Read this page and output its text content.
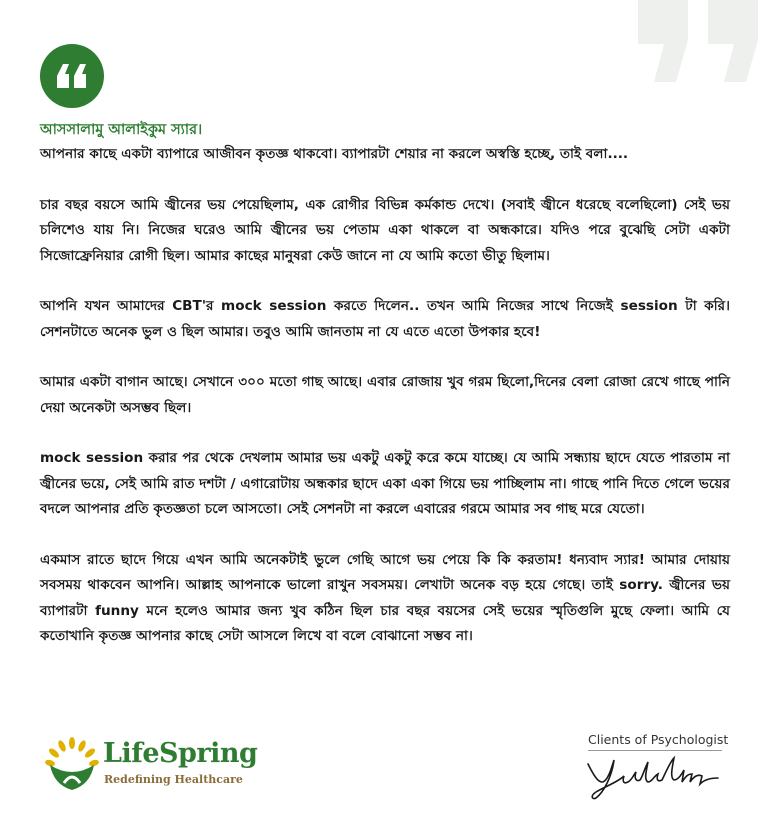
আসসালামু আলাইকুম স্যার।

আপনার কাছে একটা ব্যাপারে আজীবন কৃতজ্ঞ থাকবো। ব্যাপারটা শেয়ার না করলে অস্বস্তি হচ্ছে, তাই বলা....

চার বছর বয়সে আমি জ্বীনের ভয় পেয়েছিলাম, এক রোগীর বিভিন্ন কর্মকান্ড দেখে। (সবাই জ্বীনে ধরেছে বলেছিলো) সেই ভয় চলিশেও যায় নি। নিজের ঘরেও আমি জ্বীনের ভয় পেতাম একা থাকলে বা অন্ধকারে। যদিও পরে বুঝেছি সেটা একটা সিজোফ্রেনিয়ার রোগী ছিল। আমার কাছের মানুষরা কেউ জানে না যে আমি কতো ভীতু ছিলাম।

আপনি যখন আমাদের CBT'র mock session করতে দিলেন.. তখন আমি নিজের সাথে নিজেই session টা করি। সেশনটাতে অনেক ভুল ও ছিল আমার। তবুও আমি জানতাম না যে এতে এতো উপকার হবে!

আমার একটা বাগান আছে। সেখানে ৩০০ মতো গাছ আছে। এবার রোজায় খুব গরম ছিলো,দিনের বেলা রোজা রেখে গাছে পানি দেয়া অনেকটা অসম্ভব ছিল।

mock session করার পর থেকে দেখলাম আমার ভয় একটু একটু করে কমে যাচ্ছে। যে আমি সন্ধ্যায় ছাদে যেতে পারতাম না জ্বীনের ভয়ে, সেই আমি রাত দশটা / এগারোটায় অন্ধকার ছাদে একা একা গিয়ে ভয় পাচ্ছিলাম না। গাছে পানি দিতে গেলে ভয়ের বদলে আপনার প্রতি কৃতজ্ঞতা চলে আসতো। সেই সেশনটা না করলে এবারের গরমে আমার সব গাছ মরে যেতো।

একমাস রাতে ছাদে গিয়ে এখন আমি অনেকটাই ভুলে গেছি আগে ভয় পেয়ে কি কি করতাম! ধন্যবাদ স্যার! আমার দোয়ায় সবসময় থাকবেন আপনি। আল্লাহ আপনাকে ভালো রাখুন সবসময়। লেখাটা অনেক বড় হয়ে গেছে। তাই sorry. জ্বীনের ভয় ব্যাপারটা funny মনে হলেও আমার জন্য খুব কঠিন ছিল চার বছর বয়সের সেই ভয়ের স্মৃতিগুলি মুছে ফেলা। আমি যে কতোখানি কৃতজ্ঞ আপনার কাছে সেটা আসলে লিখে বা বলে বোঝানো সম্ভব না।

LifeSpring
Redefining Healthcare
Clients of Psychologist
